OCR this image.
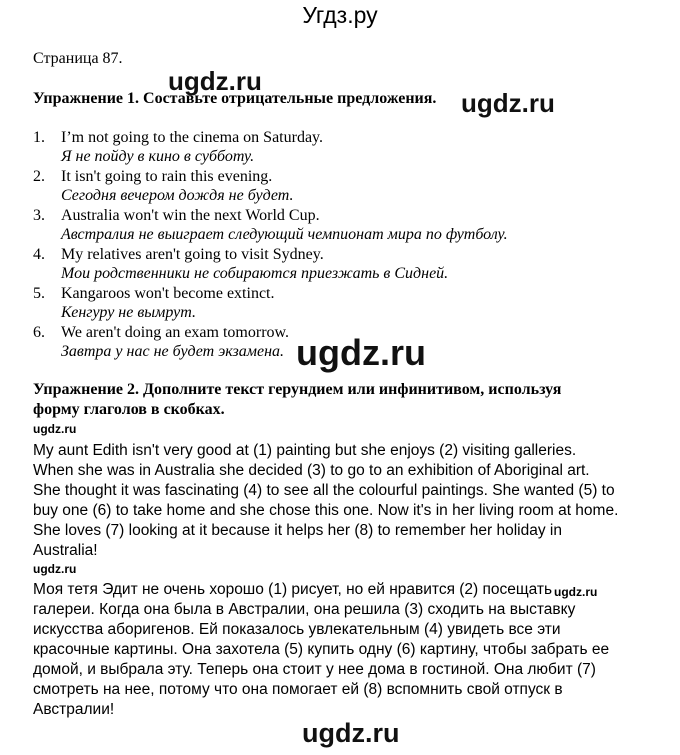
Угдз.ру
Страница 87.
ugdz.ru
ugdz.ru
ugdz.ru
ugdz.ru
ugdz.ru
ugdz.ru
ugdz.ru
Упражнение 1. Составьте отрицательные предложения.
1. I’m not going to the cinema on Saturday.
Я не пойду в кино в субботу.
2. It isn't going to rain this evening.
Сегодня вечером дождя не будет.
3. Australia won't win the next World Cup.
Австралия не выиграет следующий чемпионат мира по футболу.
4. My relatives aren't going to visit Sydney.
Мои родственники не собираются приезжать в Сидней.
5. Kangaroos won't become extinct.
Кенгуру не вымрут.
6. We aren't doing an exam tomorrow.
Завтра у нас не будет экзамена.
Упражнение 2. Дополните текст герундием или инфинитивом, используя
форму глаголов в скобках.
My aunt Edith isn't very good at (1) painting but she enjoys (2) visiting galleries.
When she was in Australia she decided (3) to go to an exhibition of Aboriginal art.
She thought it was fascinating (4) to see all the colourful paintings. She wanted (5) to
buy one (6) to take home and she chose this one. Now it's in her living room at home.
She loves (7) looking at it because it helps her (8) to remember her holiday in
Australia!
Моя тетя Эдит не очень хорошо (1) рисует, но ей нравится (2) посещать
галереи. Когда она была в Австралии, она решила (3) сходить на выставку
искусства аборигенов. Ей показалось увлекательным (4) увидеть все эти
красочные картины. Она захотела (5) купить одну (6) картину, чтобы забрать ее
домой, и выбрала эту. Теперь она стоит у нее дома в гостиной. Она любит (7)
смотреть на нее, потому что она помогает ей (8) вспомнить свой отпуск в
Австралии!
